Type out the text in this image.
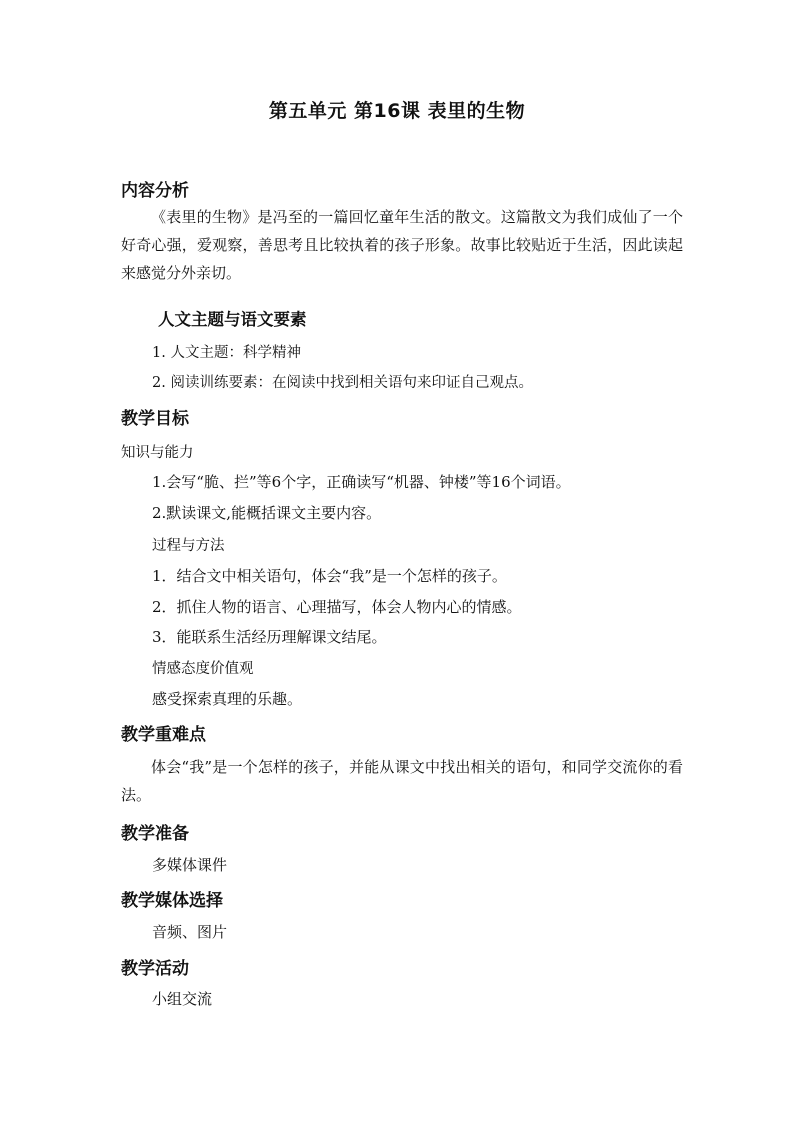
第五单元 第16课 表里的生物
内容分析
《表里的生物》是冯至的一篇回忆童年生活的散文。这篇散文为我们成仙了一个好奇心强，爱观察，善思考且比较执着的孩子形象。故事比较贴近于生活，因此读起来感觉分外亲切。
人文主题与语文要素
1. 人文主题：科学精神
2. 阅读训练要素：在阅读中找到相关语句来印证自己观点。
教学目标
知识与能力
1.会写“脆、拦”等6个字，正确读写“机器、钟楼”等16个词语。
2.默读课文,能概括课文主要内容。
过程与方法
1．结合文中相关语句，体会“我”是一个怎样的孩子。
2．抓住人物的语言、心理描写，体会人物内心的情感。
3．能联系生活经历理解课文结尾。
情感态度价值观
感受探索真理的乐趣。
教学重难点
体会“我”是一个怎样的孩子，并能从课文中找出相关的语句，和同学交流你的看法。
教学准备
多媒体课件
教学媒体选择
音频、图片
教学活动
小组交流
